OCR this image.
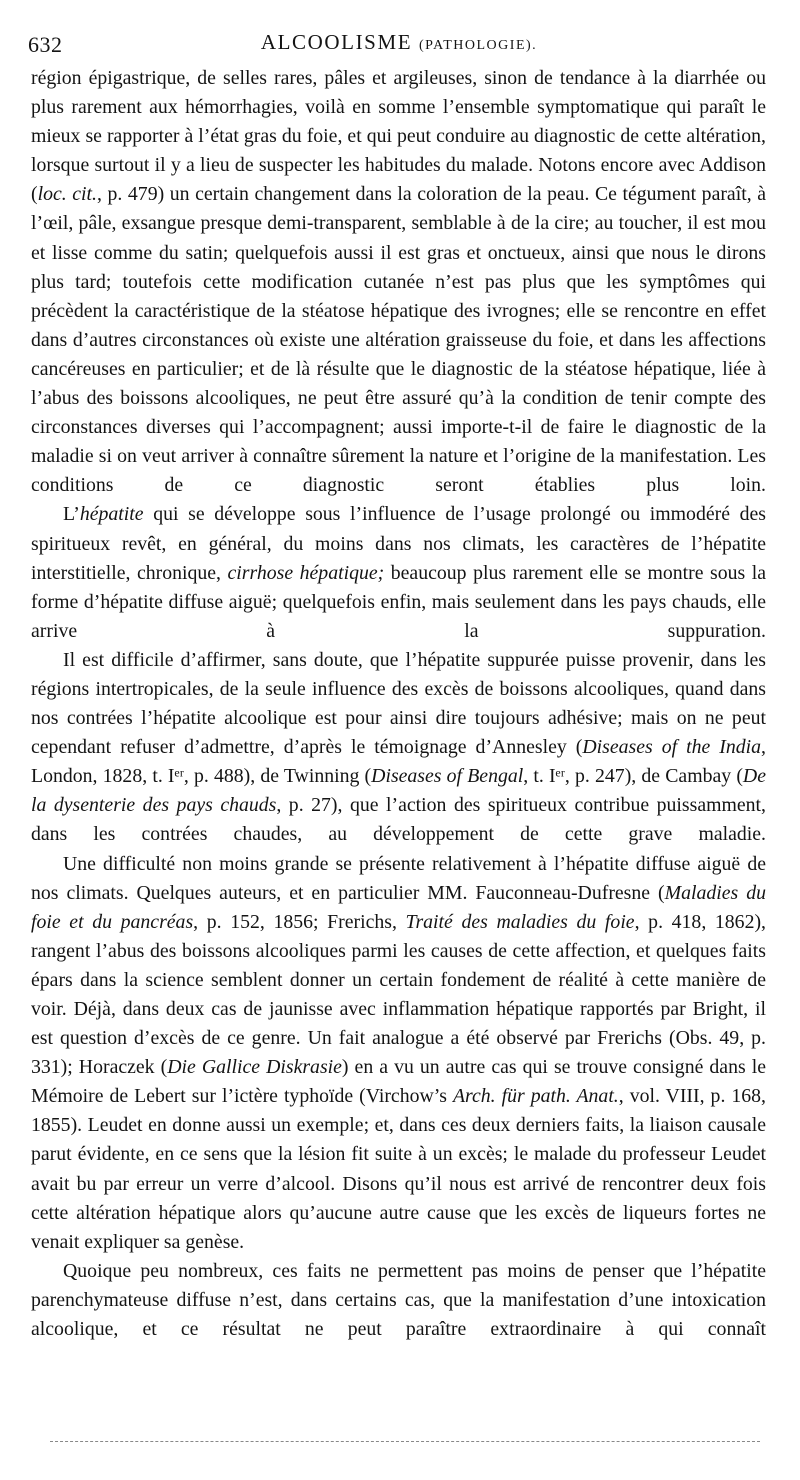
632	ALCOOLISME (PATHOLOGIE).

région épigastrique, de selles rares, pâles et argileuses, sinon de tendance à la diarrhée ou plus rarement aux hémorrhagies, voilà en somme l’ensemble symptomatique qui paraît le mieux se rapporter à l’état gras du foie, et qui peut conduire au diagnostic de cette altération, lorsque surtout il y a lieu de suspecter les habitudes du malade. Notons encore avec Addison (loc. cit., p. 479) un certain changement dans la coloration de la peau. Ce tégument paraît, à l’œil, pâle, exsangue presque demi-transparent, semblable à de la cire; au toucher, il est mou et lisse comme du satin; quelquefois aussi il est gras et onctueux, ainsi que nous le dirons plus tard; toutefois cette modification cutanée n’est pas plus que les symptômes qui précèdent la caractéristique de la stéatose hépatique des ivrognes; elle se rencontre en effet dans d’autres circonstances où existe une altération graisseuse du foie, et dans les affections cancéreuses en particulier; et de là résulte que le diagnostic de la stéatose hépatique, liée à l’abus des boissons alcooliques, ne peut être assuré qu’à la condition de tenir compte des circonstances diverses qui l’accompagnent; aussi importe-t-il de faire le diagnostic de la maladie si on veut arriver à connaître sûrement la nature et l’origine de la manifestation. Les conditions de ce diagnostic seront établies plus loin.

L’hépatite qui se développe sous l’influence de l’usage prolongé ou immodéré des spiritueux revêt, en général, du moins dans nos climats, les caractères de l’hépatite interstitielle, chronique, cirrhose hépatique; beaucoup plus rarement elle se montre sous la forme d’hépatite diffuse aiguë; quelquefois enfin, mais seulement dans les pays chauds, elle arrive à la suppuration.

Il est difficile d’affirmer, sans doute, que l’hépatite suppurée puisse provenir, dans les régions intertropicales, de la seule influence des excès de boissons alcooliques, quand dans nos contrées l’hépatite alcoolique est pour ainsi dire toujours adhésive; mais on ne peut cependant refuser d’admettre, d’après le témoignage d’Annesley (Diseases of the India, London, 1828, t. Iᵉʳ, p. 488), de Twinning (Diseases of Bengal, t. Iᵉʳ, p. 247), de Cambay (De la dysenterie des pays chauds, p. 27), que l’action des spiritueux contribue puissamment, dans les contrées chaudes, au développement de cette grave maladie.

Une difficulté non moins grande se présente relativement à l’hépatite diffuse aiguë de nos climats. Quelques auteurs, et en particulier MM. Fauconneau-Dufresne (Maladies du foie et du pancréas, p. 152, 1856; Frerichs, Traité des maladies du foie, p. 418, 1862), rangent l’abus des boissons alcooliques parmi les causes de cette affection, et quelques faits épars dans la science semblent donner un certain fondement de réalité à cette manière de voir. Déjà, dans deux cas de jaunisse avec inflammation hépatique rapportés par Bright, il est question d’excès de ce genre. Un fait analogue a été observé par Frerichs (Obs. 49, p. 331); Horaczek (Die Gallice Diskrasie) en a vu un autre cas qui se trouve consigné dans le Mémoire de Lebert sur l’ictère typhoïde (Virchow’s Arch. für path. Anat., vol. VIII, p. 168, 1855). Leudet en donne aussi un exemple; et, dans ces deux derniers faits, la liaison causale parut évidente, en ce sens que la lésion fit suite à un excès; le malade du professeur Leudet avait bu par erreur un verre d’alcool. Disons qu’il nous est arrivé de rencontrer deux fois cette altération hépatique alors qu’aucune autre cause que les excès de liqueurs fortes ne venait expliquer sa genèse.

Quoique peu nombreux, ces faits ne permettent pas moins de penser que l’hépatite parenchymateuse diffuse n’est, dans certains cas, que la manifestation d’une intoxication alcoolique, et ce résultat ne peut paraître extraordinaire à qui connaît
